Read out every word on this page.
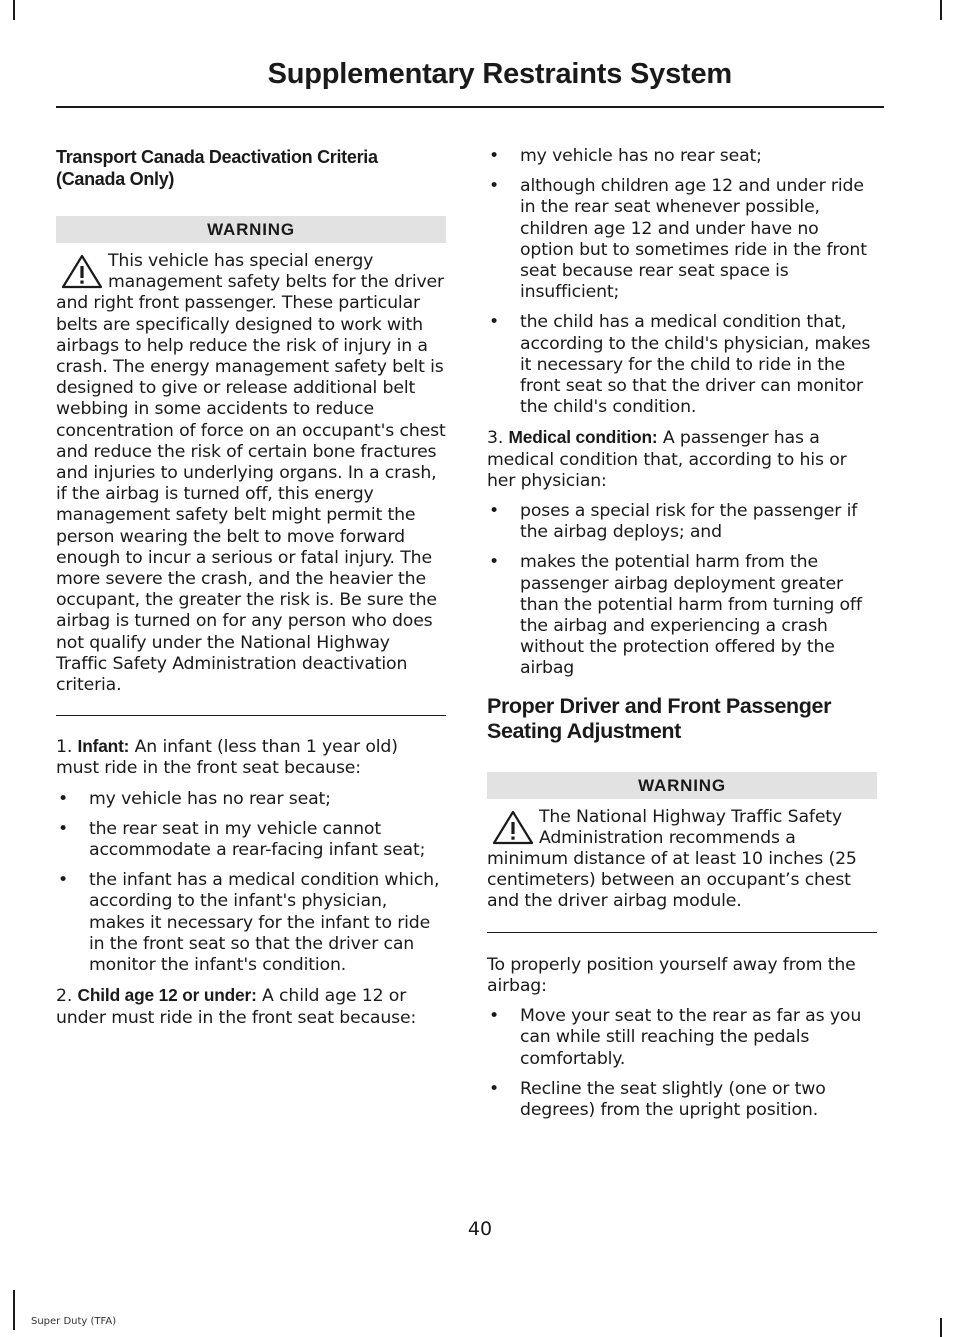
Supplementary Restraints System
Transport Canada Deactivation Criteria (Canada Only)
WARNING

This vehicle has special energy management safety belts for the driver and right front passenger. These particular belts are specifically designed to work with airbags to help reduce the risk of injury in a crash. The energy management safety belt is designed to give or release additional belt webbing in some accidents to reduce concentration of force on an occupant's chest and reduce the risk of certain bone fractures and injuries to underlying organs. In a crash, if the airbag is turned off, this energy management safety belt might permit the person wearing the belt to move forward enough to incur a serious or fatal injury. The more severe the crash, and the heavier the occupant, the greater the risk is. Be sure the airbag is turned on for any person who does not qualify under the National Highway Traffic Safety Administration deactivation criteria.

1. Infant: An infant (less than 1 year old) must ride in the front seat because:

• my vehicle has no rear seat;
• the rear seat in my vehicle cannot accommodate a rear-facing infant seat;
• the infant has a medical condition which, according to the infant's physician, makes it necessary for the infant to ride in the front seat so that the driver can monitor the infant's condition.

2. Child age 12 or under: A child age 12 or under must ride in the front seat because:

• my vehicle has no rear seat;
• although children age 12 and under ride in the rear seat whenever possible, children age 12 and under have no option but to sometimes ride in the front seat because rear seat space is insufficient;
• the child has a medical condition that, according to the child's physician, makes it necessary for the child to ride in the front seat so that the driver can monitor the child's condition.

3. Medical condition: A passenger has a medical condition that, according to his or her physician:

• poses a special risk for the passenger if the airbag deploys; and
• makes the potential harm from the passenger airbag deployment greater than the potential harm from turning off the airbag and experiencing a crash without the protection offered by the airbag
Proper Driver and Front Passenger Seating Adjustment
WARNING

The National Highway Traffic Safety Administration recommends a minimum distance of at least 10 inches (25 centimeters) between an occupant’s chest and the driver airbag module.

To properly position yourself away from the airbag:

• Move your seat to the rear as far as you can while still reaching the pedals comfortably.
• Recline the seat slightly (one or two degrees) from the upright position.
40
Super Duty (TFA)
